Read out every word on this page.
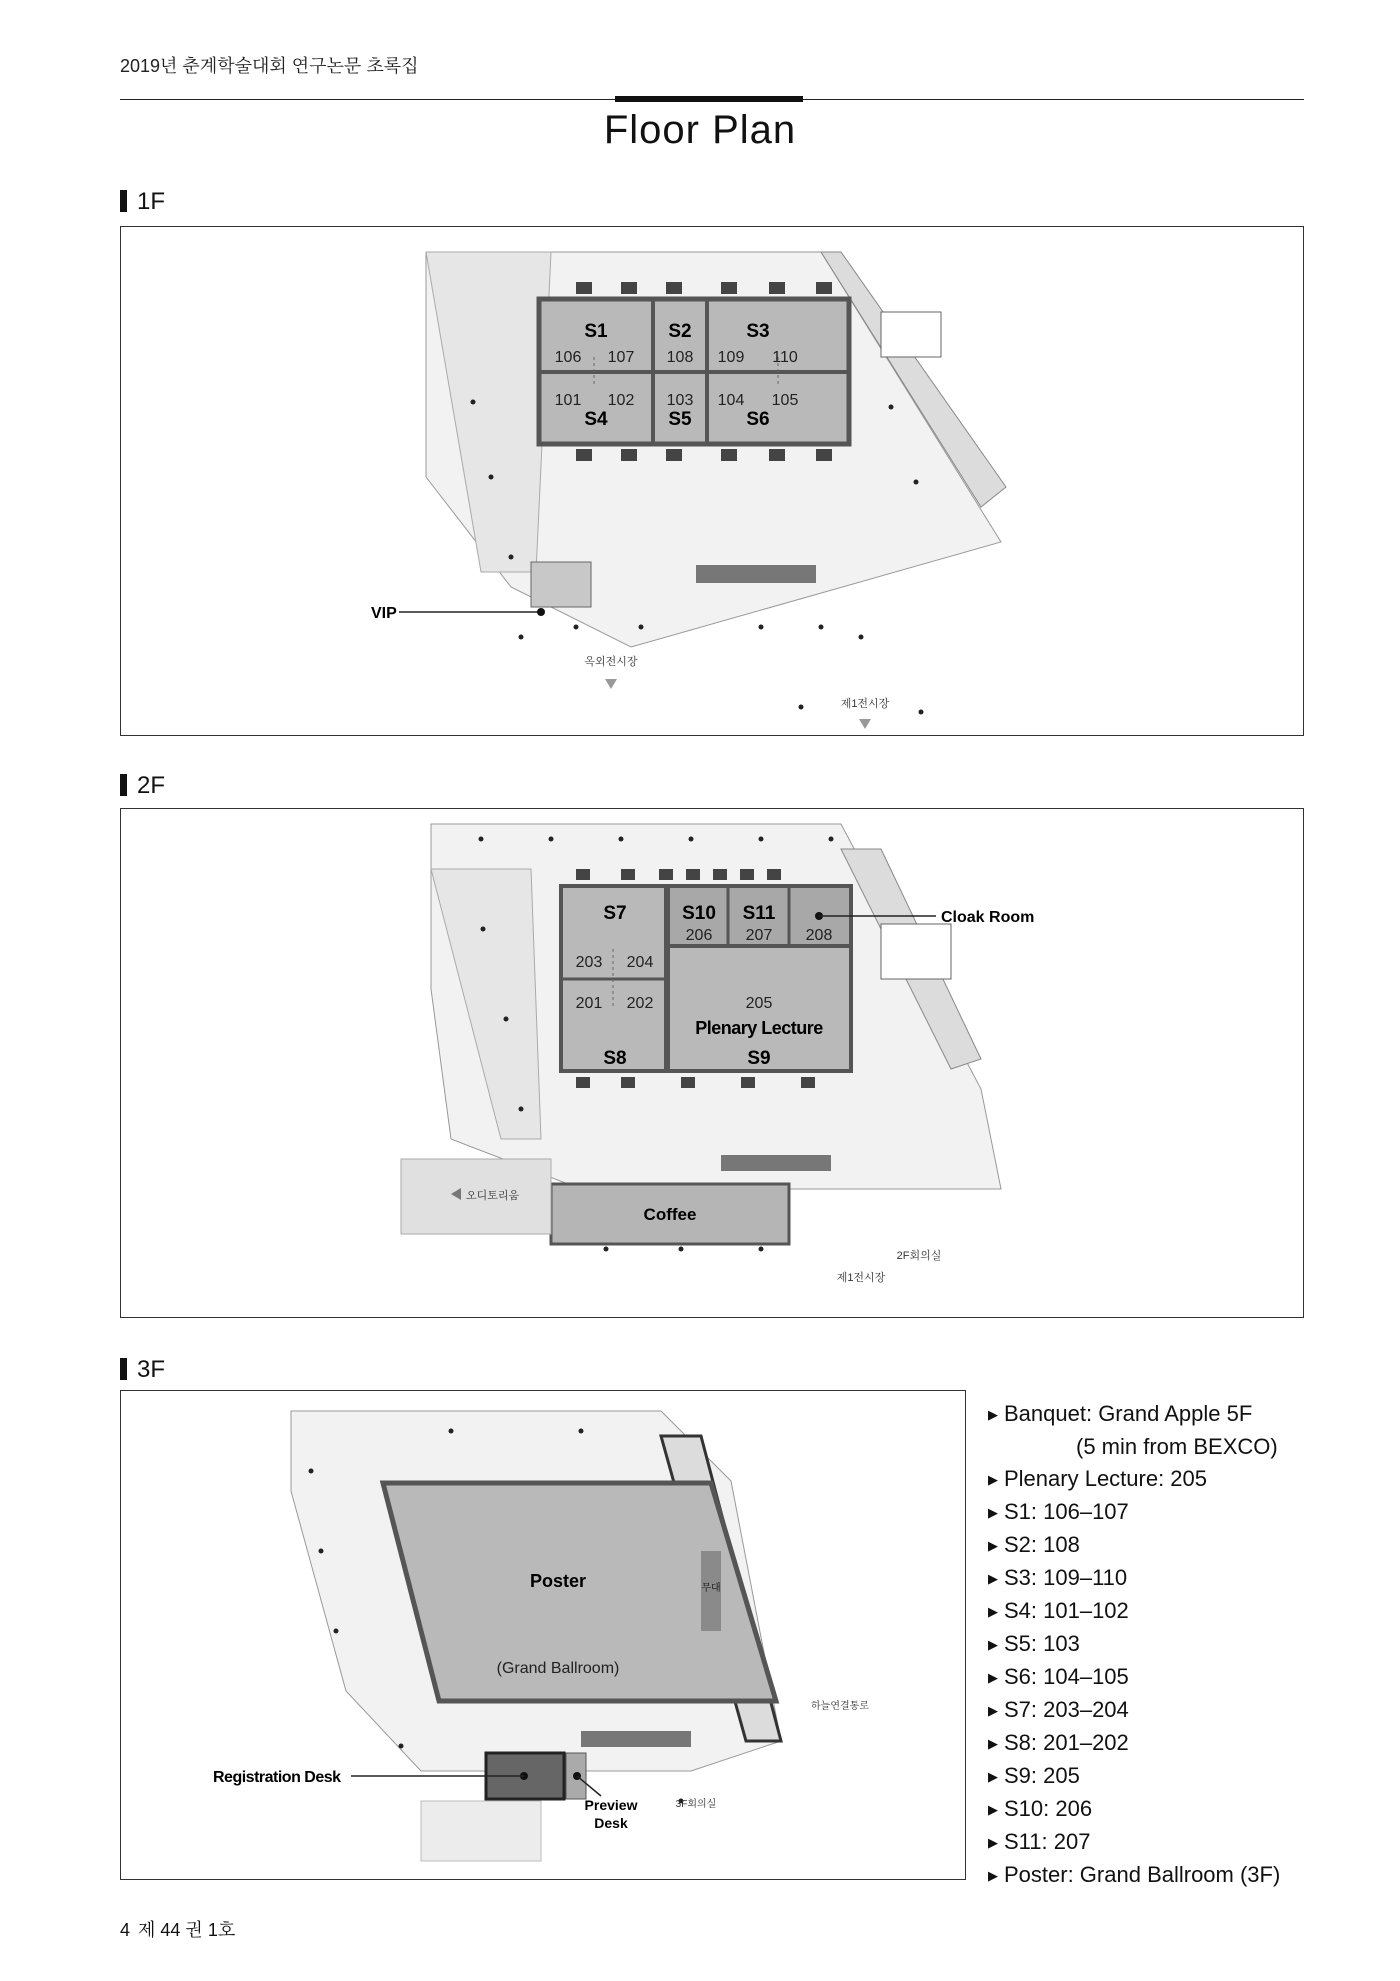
2019년 춘계학술대회 연구논문 초록집
Floor Plan
1F
S1	S2	S3
S4	S5	S6
106 107 108 109 110
101 102 103 104 105
VIP
옥외전시장
제1전시장
2F
S7	S10 S11
S8	S9
206 207 208
203 204
201 202	205
Plenary Lecture
Cloak Room
Coffee
오디토리움
제1전시장
2F회의실
3F
무대
Poster
(Grand Ballroom)
하늘연결통로
Registration Desk
Preview
Desk
3F회의실
▶ Banquet: Grand Apple 5F
(5 min from BEXCO)
▶ Plenary Lecture: 205
▶ S1: 106–107
▶ S2: 108
▶ S3: 109–110
▶ S4: 101–102
▶ S5: 103
▶ S6: 104–105
▶ S7: 203–204
▶ S8: 201–202
▶ S9: 205
▶ S10: 206
▶ S11: 207
▶ Poster: Grand Ballroom (3F)
4 제 44 권 1호
